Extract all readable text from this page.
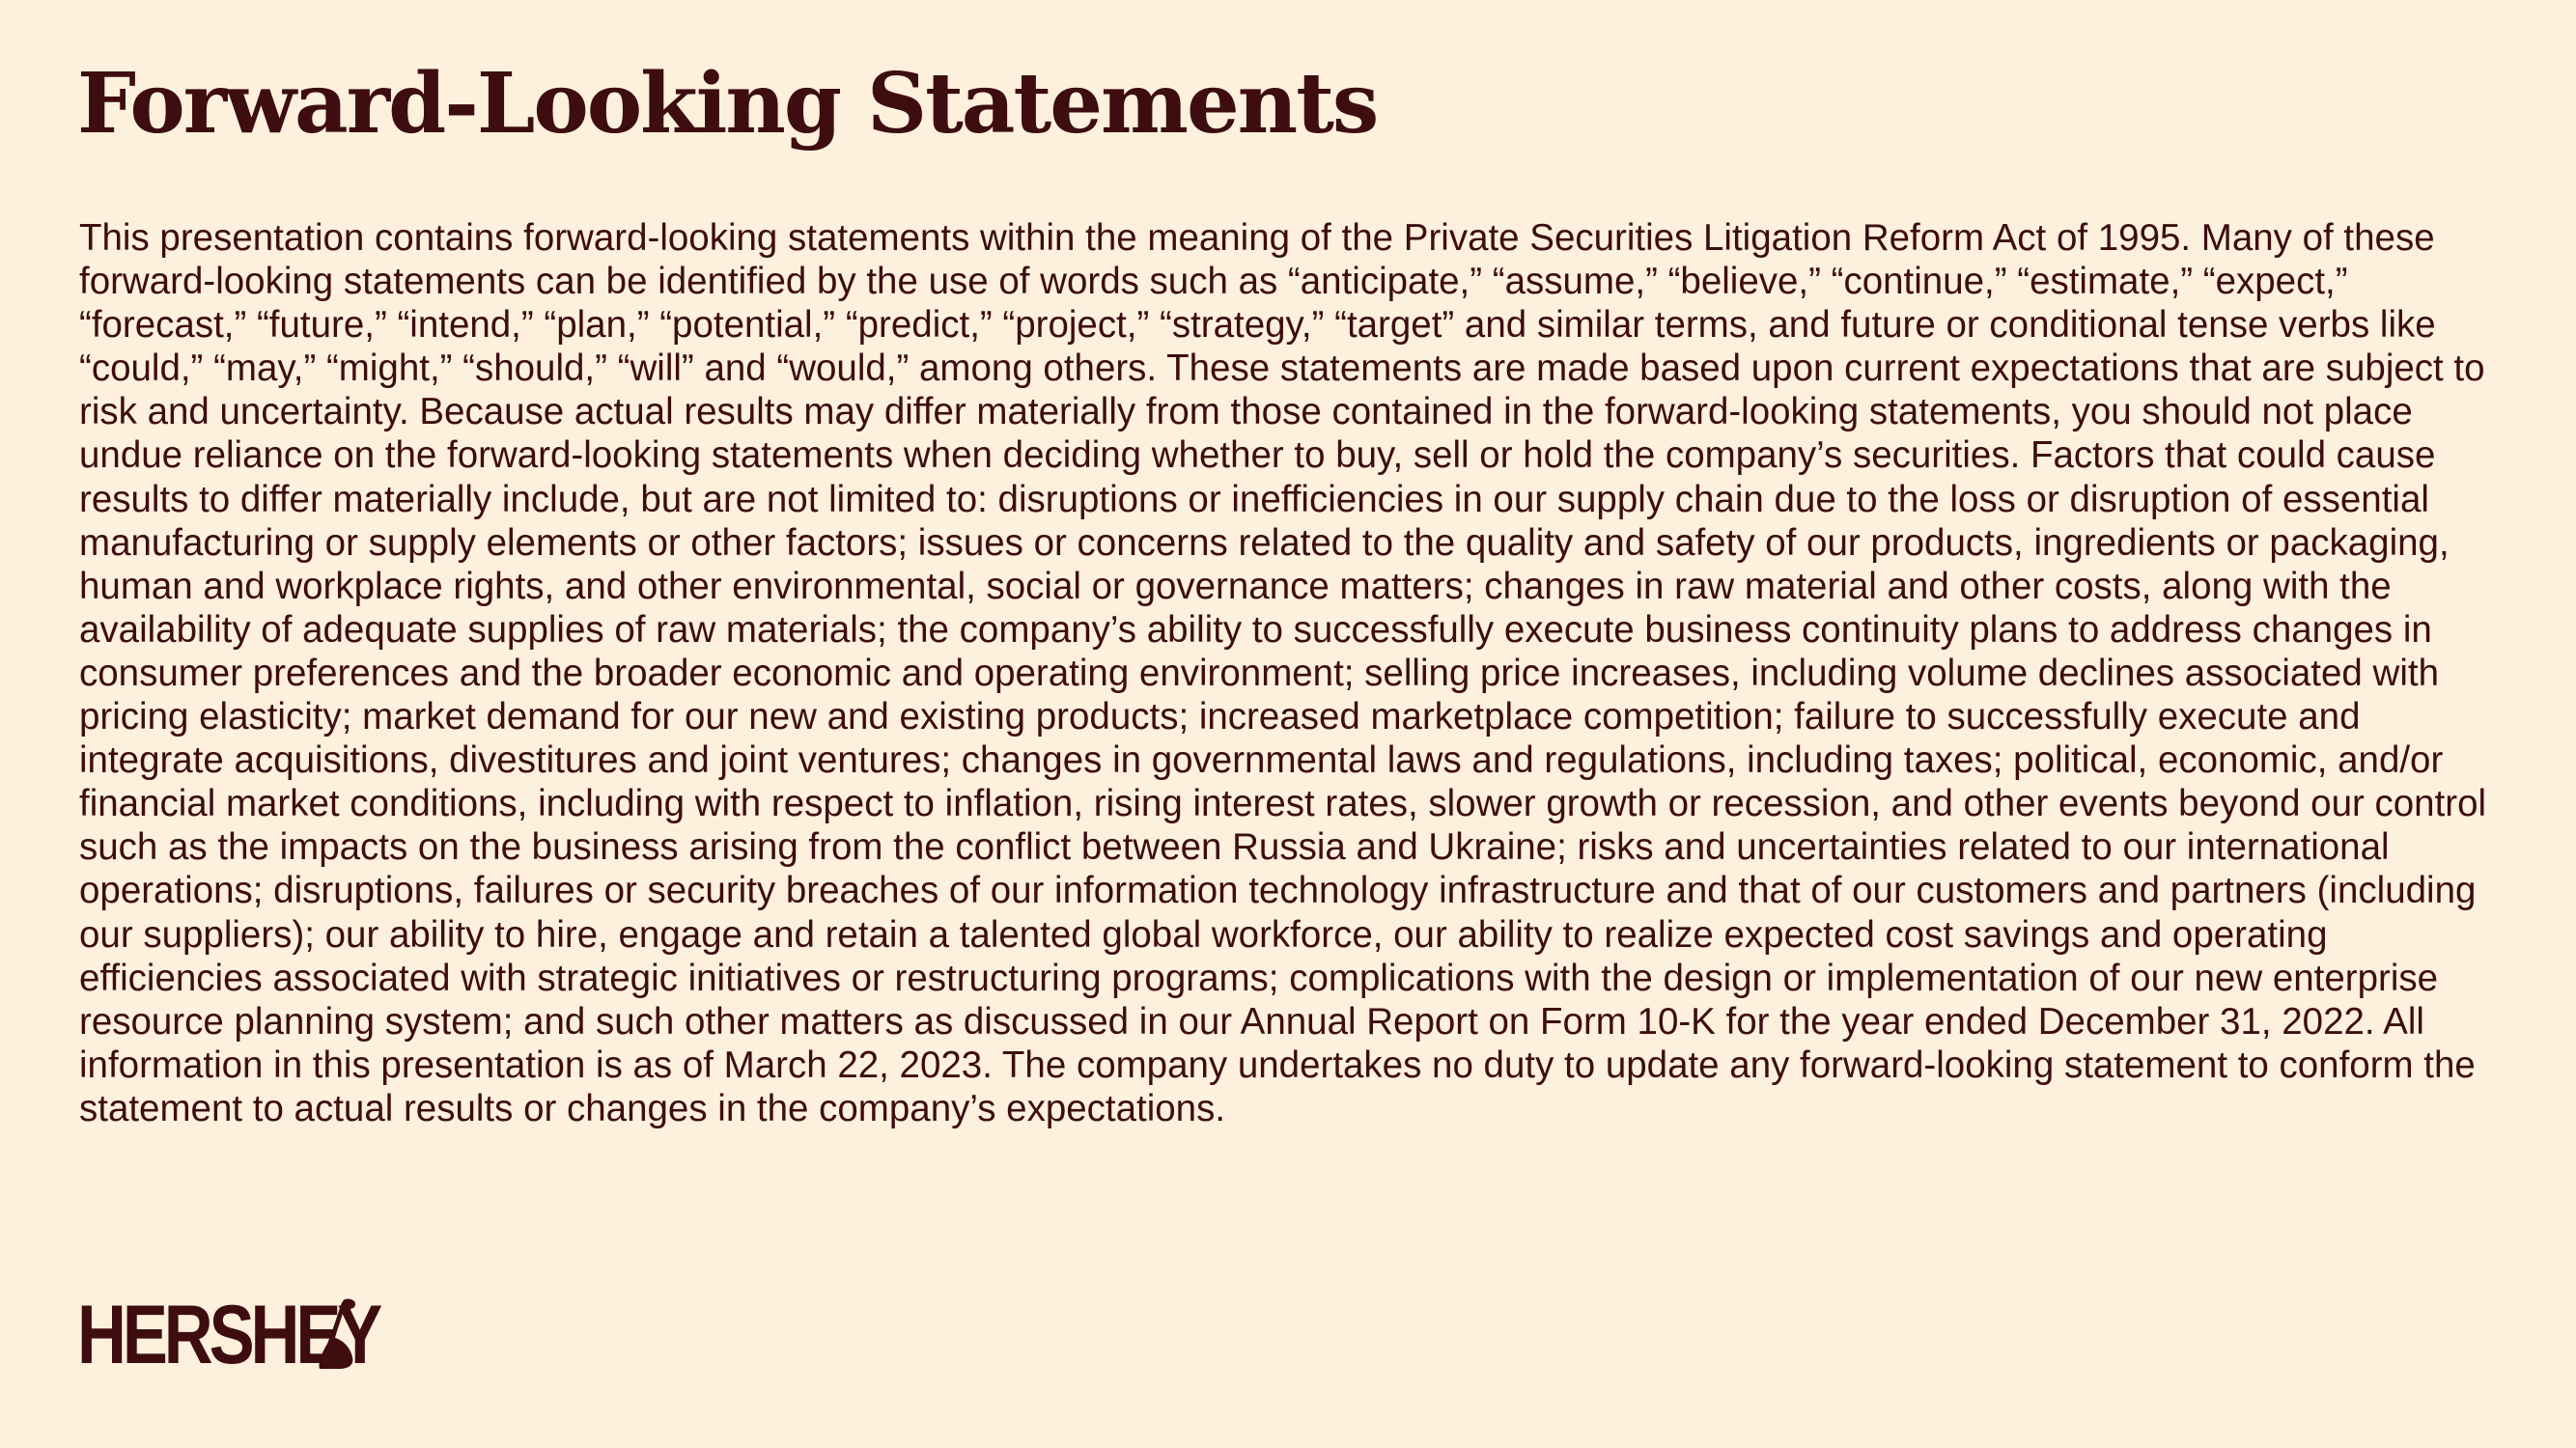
Forward-Looking Statements

This presentation contains forward-looking statements within the meaning of the Private Securities Litigation Reform Act of 1995. Many of these forward-looking statements can be identified by the use of words such as “anticipate,” “assume,” “believe,” “continue,” “estimate,” “expect,” “forecast,” “future,” “intend,” “plan,” “potential,” “predict,” “project,” “strategy,” “target” and similar terms, and future or conditional tense verbs like “could,” “may,” “might,” “should,” “will” and “would,” among others. These statements are made based upon current expectations that are subject to risk and uncertainty. Because actual results may differ materially from those contained in the forward-looking statements, you should not place undue reliance on the forward-looking statements when deciding whether to buy, sell or hold the company’s securities. Factors that could cause results to differ materially include, but are not limited to: disruptions or inefficiencies in our supply chain due to the loss or disruption of essential manufacturing or supply elements or other factors; issues or concerns related to the quality and safety of our products, ingredients or packaging, human and workplace rights, and other environmental, social or governance matters; changes in raw material and other costs, along with the availability of adequate supplies of raw materials; the company’s ability to successfully execute business continuity plans to address changes in consumer preferences and the broader economic and operating environment; selling price increases, including volume declines associated with pricing elasticity; market demand for our new and existing products; increased marketplace competition; failure to successfully execute and integrate acquisitions, divestitures and joint ventures; changes in governmental laws and regulations, including taxes; political, economic, and/or financial market conditions, including with respect to inflation, rising interest rates, slower growth or recession, and other events beyond our control such as the impacts on the business arising from the conflict between Russia and Ukraine; risks and uncertainties related to our international operations; disruptions, failures or security breaches of our information technology infrastructure and that of our customers and partners (including our suppliers); our ability to hire, engage and retain a talented global workforce, our ability to realize expected cost savings and operating efficiencies associated with strategic initiatives or restructuring programs; complications with the design or implementation of our new enterprise resource planning system; and such other matters as discussed in our Annual Report on Form 10-K for the year ended December 31, 2022. All information in this presentation is as of March 22, 2023. The company undertakes no duty to update any forward-looking statement to conform the statement to actual results or changes in the company’s expectations.

HERSHEY
